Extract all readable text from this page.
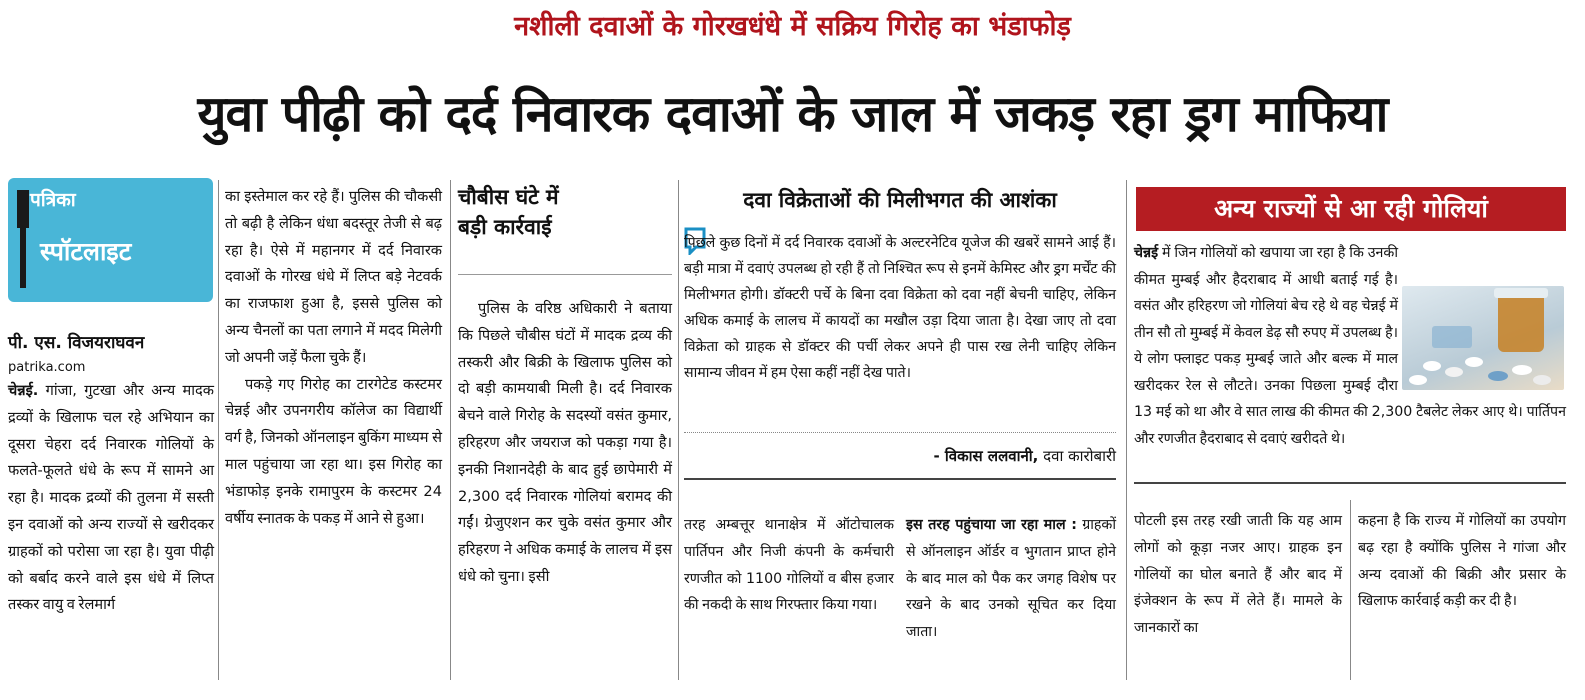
नशीली दवाओं के गोरखधंधे में सक्रिय गिरोह का भंडाफोड़
युवा पीढ़ी को दर्द निवारक दवाओं के जाल में जकड़ रहा ड्रग माफिया
पत्रिका
स्पॉटलाइट
पी. एस. विजयराघवन
patrika.com

चेन्नई. गांजा, गुटखा और अन्य मादक द्रव्यों के खिलाफ चल रहे अभियान का दूसरा चेहरा दर्द निवारक गोलियों के फलते-फूलते धंधे के रूप में सामने आ रहा है। मादक द्रव्यों की तुलना में सस्ती इन दवाओं को अन्य राज्यों से खरीदकर ग्राहकों को परोसा जा रहा है। युवा पीढ़ी को बर्बाद करने वाले इस धंधे में लिप्त तस्कर वायु व रेलमार्ग

का इस्तेमाल कर रहे हैं। पुलिस की चौकसी तो बढ़ी है लेकिन धंधा बदस्तूर तेजी से बढ़ रहा है। ऐसे में महानगर में दर्द निवारक दवाओं के गोरख धंधे में लिप्त बड़े नेटवर्क का राजफाश हुआ है, इससे पुलिस को अन्य चैनलों का पता लगाने में मदद मिलेगी जो अपनी जड़ें फैला चुके हैं।

पकड़े गए गिरोह का टारगेटेड कस्टमर चेन्नई और उपनगरीय कॉलेज का विद्यार्थी वर्ग है, जिनको ऑनलाइन बुकिंग माध्यम से माल पहुंचाया जा रहा था। इस गिरोह का भंडाफोड़ इनके रामापुरम के कस्टमर 24 वर्षीय स्नातक के पकड़ में आने से हुआ।

चौबीस घंटे में
बड़ी कार्रवाई

पुलिस के वरिष्ठ अधिकारी ने बताया कि पिछले चौबीस घंटों में मादक द्रव्य की तस्करी और बिक्री के खिलाफ पुलिस को दो बड़ी कामयाबी मिली है। दर्द निवारक बेचने वाले गिरोह के सदस्यों वसंत कुमार, हरिहरण और जयराज को पकड़ा गया है। इनकी निशानदेही के बाद हुई छापेमारी में 2,300 दर्द निवारक गोलियां बरामद की गईं। ग्रेजुएशन कर चुके वसंत कुमार और हरिहरण ने अधिक कमाई के लालच में इस धंधे को चुना। इसी

दवा विक्रेताओं की मिलीभगत की आशंका

पिछले कुछ दिनों में दर्द निवारक दवाओं के अल्टरनेटिव यूजेज की खबरें सामने आई हैं। बड़ी मात्रा में दवाएं उपलब्ध हो रही हैं तो निश्चित रूप से इनमें केमिस्ट और ड्रग मर्चेंट की मिलीभगत होगी। डॉक्टरी पर्चे के बिना दवा विक्रेता को दवा नहीं बेचनी चाहिए, लेकिन अधिक कमाई के लालच में कायदों का मखौल उड़ा दिया जाता है। देखा जाए तो दवा विक्रेता को ग्राहक से डॉक्टर की पर्ची लेकर अपने ही पास रख लेनी चाहिए लेकिन सामान्य जीवन में हम ऐसा कहीं नहीं देख पाते।

- विकास ललवानी, दवा कारोबारी

तरह अम्बत्तूर थानाक्षेत्र में ऑटोचालक पार्तिपन और निजी कंपनी के कर्मचारी रणजीत को 1100 गोलियों व बीस हजार की नकदी के साथ गिरफ्तार किया गया।

इस तरह पहुंचाया जा रहा माल : ग्राहकों से ऑनलाइन ऑर्डर व भुगतान प्राप्त होने के बाद माल को पैक कर जगह विशेष पर रखने के बाद उनको सूचित कर दिया जाता।

अन्य राज्यों से आ रही गोलियां

चेन्नई में जिन गोलियों को खपाया जा रहा है कि उनकी कीमत मुम्बई और हैदराबाद में आधी बताई गई है। वसंत और हरिहरण जो गोलियां बेच रहे थे वह चेन्नई में तीन सौ तो मुम्बई में केवल डेढ़ सौ रुपए में उपलब्ध है। ये लोग फ्लाइट पकड़ मुम्बई जाते और बल्क में माल खरीदकर रेल से लौटते। उनका पिछला मुम्बई दौरा 13 मई को था और वे सात लाख की कीमत की 2,300 टैबलेट लेकर आए थे। पार्तिपन और रणजीत हैदराबाद से दवाएं खरीदते थे।

पोटली इस तरह रखी जाती कि यह आम लोगों को कूड़ा नजर आए। ग्राहक इन गोलियों का घोल बनाते हैं और बाद में इंजेक्शन के रूप में लेते हैं। मामले के जानकारों का

कहना है कि राज्य में गोलियों का उपयोग बढ़ रहा है क्योंकि पुलिस ने गांजा और अन्य दवाओं की बिक्री और प्रसार के खिलाफ कार्रवाई कड़ी कर दी है।
